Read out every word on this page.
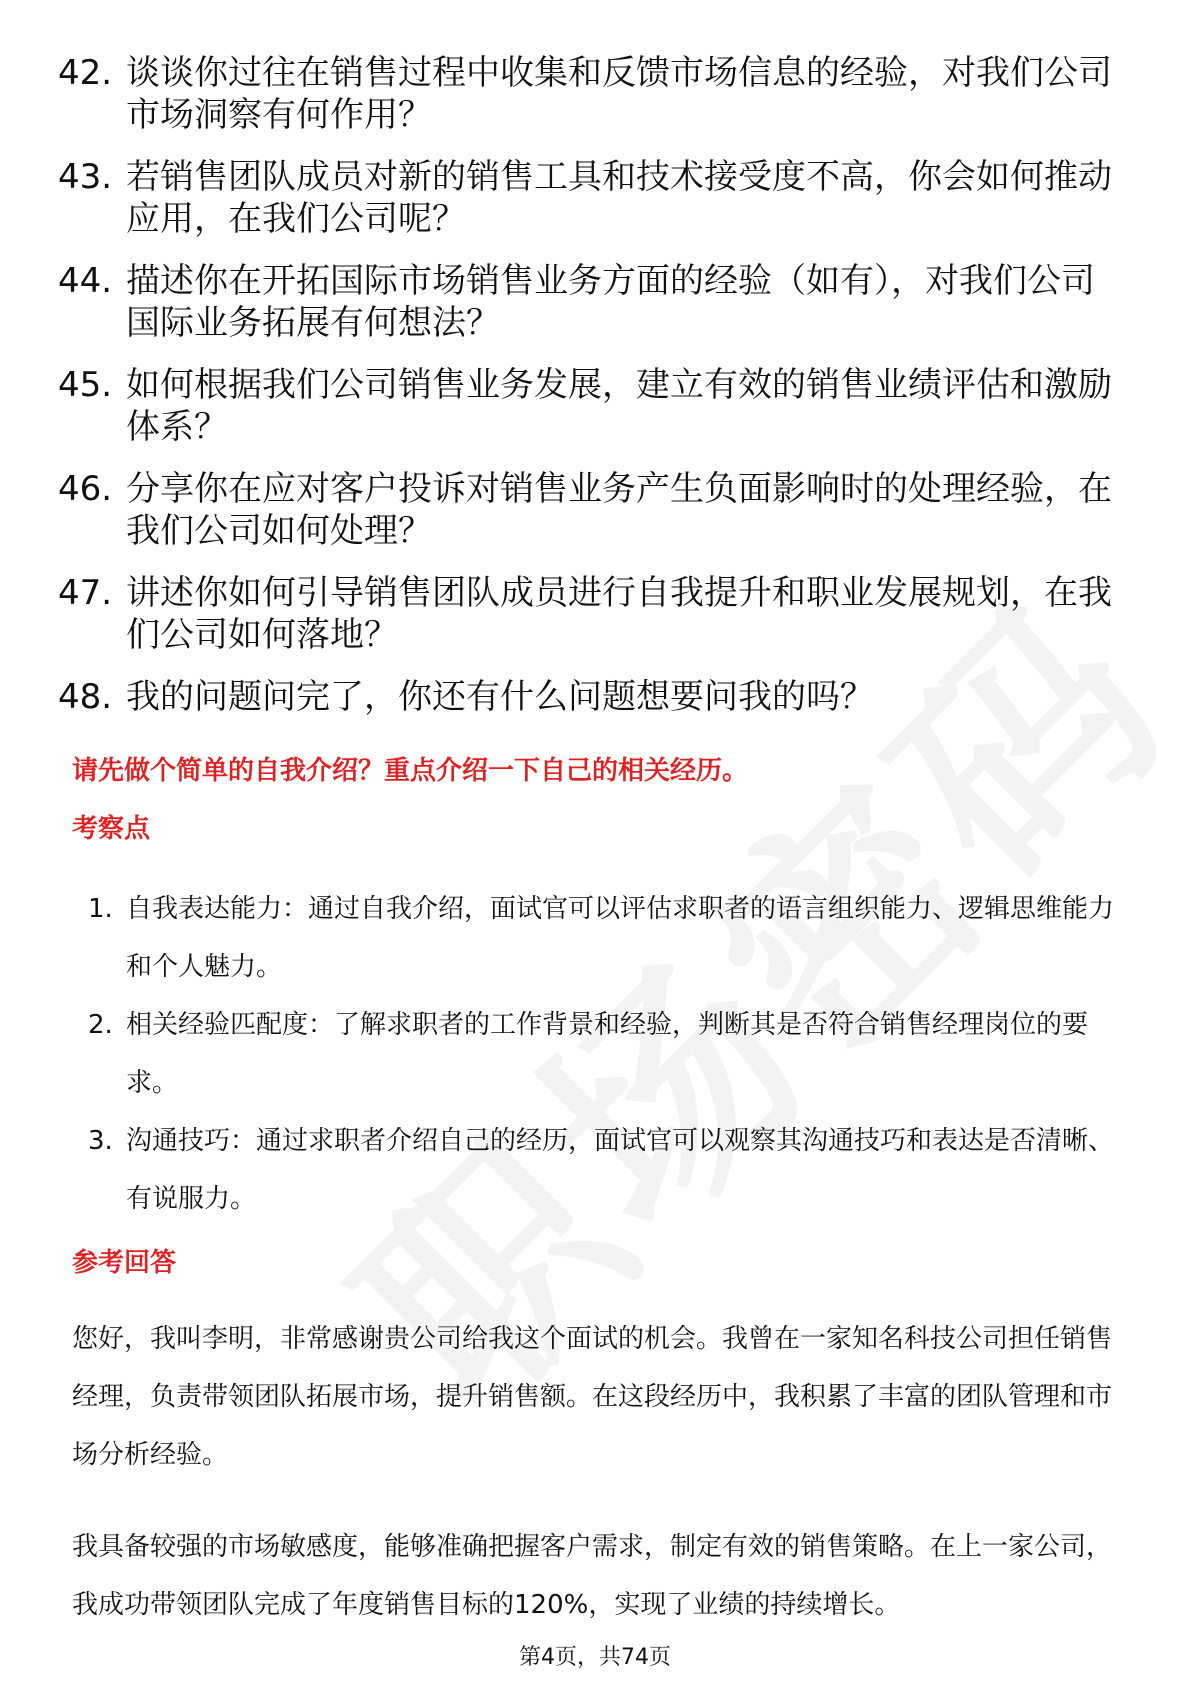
42. 谈谈你过往在销售过程中收集和反馈市场信息的经验，对我们公司市场洞察有何作用？
43. 若销售团队成员对新的销售工具和技术接受度不高，你会如何推动应用，在我们公司呢？
44. 描述你在开拓国际市场销售业务方面的经验（如有），对我们公司国际业务拓展有何想法？
45. 如何根据我们公司销售业务发展，建立有效的销售业绩评估和激励体系？
46. 分享你在应对客户投诉对销售业务产生负面影响时的处理经验，在我们公司如何处理？
47. 讲述你如何引导销售团队成员进行自我提升和职业发展规划，在我们公司如何落地？
48. 我的问题问完了，你还有什么问题想要问我的吗？
请先做个简单的自我介绍？重点介绍一下自己的相关经历。
考察点
1. 自我表达能力：通过自我介绍，面试官可以评估求职者的语言组织能力、逻辑思维能力和个人魅力。
2. 相关经验匹配度：了解求职者的工作背景和经验，判断其是否符合销售经理岗位的要求。
3. 沟通技巧：通过求职者介绍自己的经历，面试官可以观察其沟通技巧和表达是否清晰、有说服力。
参考回答

您好，我叫李明，非常感谢贵公司给我这个面试的机会。我曾在一家知名科技公司担任销售经理，负责带领团队拓展市场，提升销售额。在这段经历中，我积累了丰富的团队管理和市场分析经验。

我具备较强的市场敏感度，能够准确把握客户需求，制定有效的销售策略。在上一家公司，我成功带领团队完成了年度销售目标的120%，实现了业绩的持续增长。

第4页，共74页
